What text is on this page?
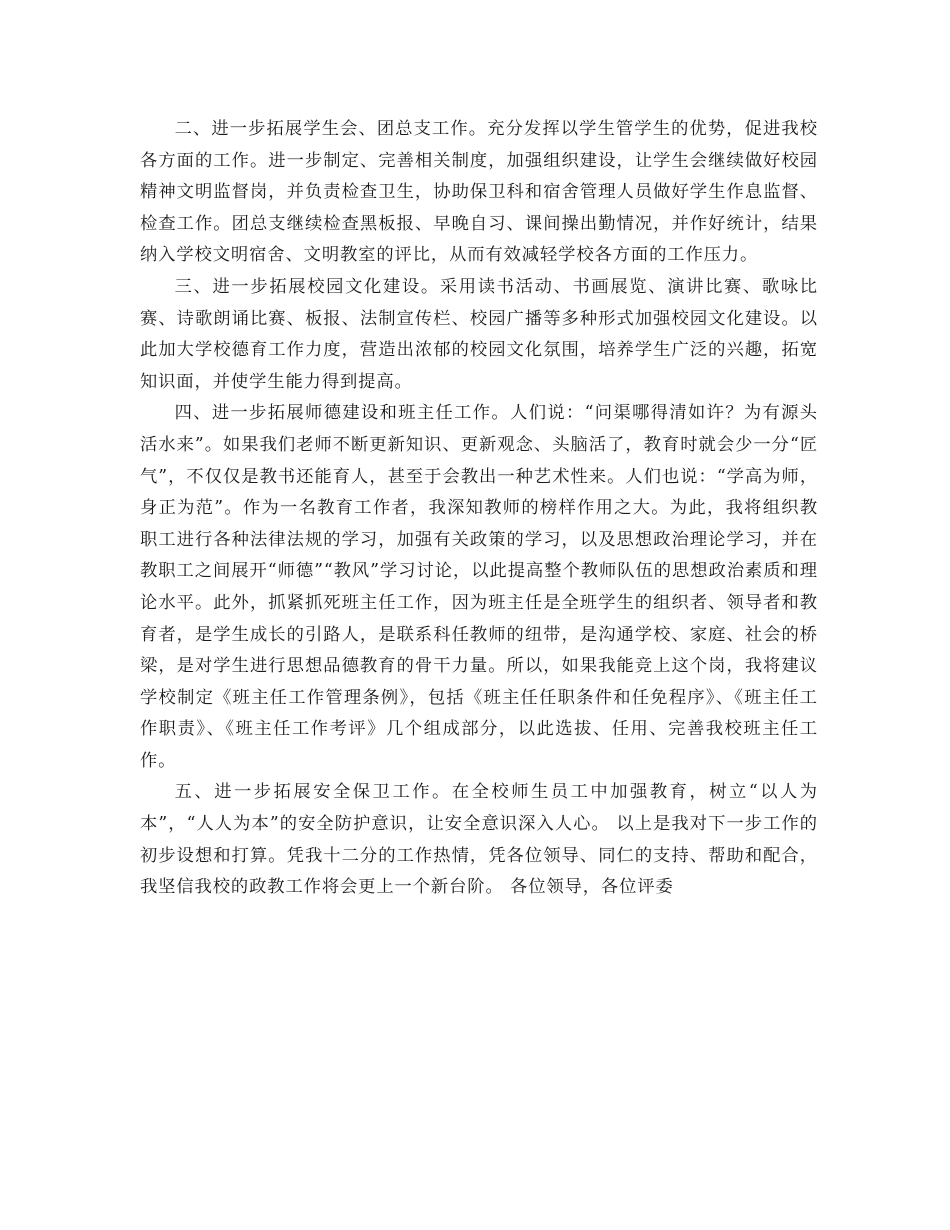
二、进一步拓展学生会、团总支工作。充分发挥以学生管学生的优势，促进我校各方面的工作。进一步制定、完善相关制度，加强组织建设，让学生会继续做好校园精神文明监督岗，并负责检查卫生，协助保卫科和宿舍管理人员做好学生作息监督、检查工作。团总支继续检查黑板报、早晚自习、课间操出勤情况，并作好统计，结果纳入学校文明宿舍、文明教室的评比，从而有效减轻学校各方面的工作压力。

三、进一步拓展校园文化建设。采用读书活动、书画展览、演讲比赛、歌咏比赛、诗歌朗诵比赛、板报、法制宣传栏、校园广播等多种形式加强校园文化建设。以此加大学校德育工作力度，营造出浓郁的校园文化氛围，培养学生广泛的兴趣，拓宽知识面，并使学生能力得到提高。

四、进一步拓展师德建设和班主任工作。人们说：“问渠哪得清如许？为有源头活水来”。如果我们老师不断更新知识、更新观念、头脑活了，教育时就会少一分“匠气”，不仅仅是教书还能育人，甚至于会教出一种艺术性来。人们也说：“学高为师，身正为范”。作为一名教育工作者，我深知教师的榜样作用之大。为此，我将组织教职工进行各种法律法规的学习，加强有关政策的学习，以及思想政治理论学习，并在教职工之间展开“师德”“教风”学习讨论，以此提高整个教师队伍的思想政治素质和理论水平。此外，抓紧抓死班主任工作，因为班主任是全班学生的组织者、领导者和教育者，是学生成长的引路人，是联系科任教师的纽带，是沟通学校、家庭、社会的桥梁，是对学生进行思想品德教育的骨干力量。所以，如果我能竞上这个岗，我将建议学校制定《班主任工作管理条例》，包括《班主任任职条件和任免程序》、《班主任工作职责》、《班主任工作考评》几个组成部分，以此选拔、任用、完善我校班主任工作。

五、进一步拓展安全保卫工作。在全校师生员工中加强教育，树立“以人为本”，“人人为本”的安全防护意识，让安全意识深入人心。 以上是我对下一步工作的初步设想和打算。凭我十二分的工作热情，凭各位领导、同仁的支持、帮助和配合，我坚信我校的政教工作将会更上一个新台阶。 各位领导，各位评委
